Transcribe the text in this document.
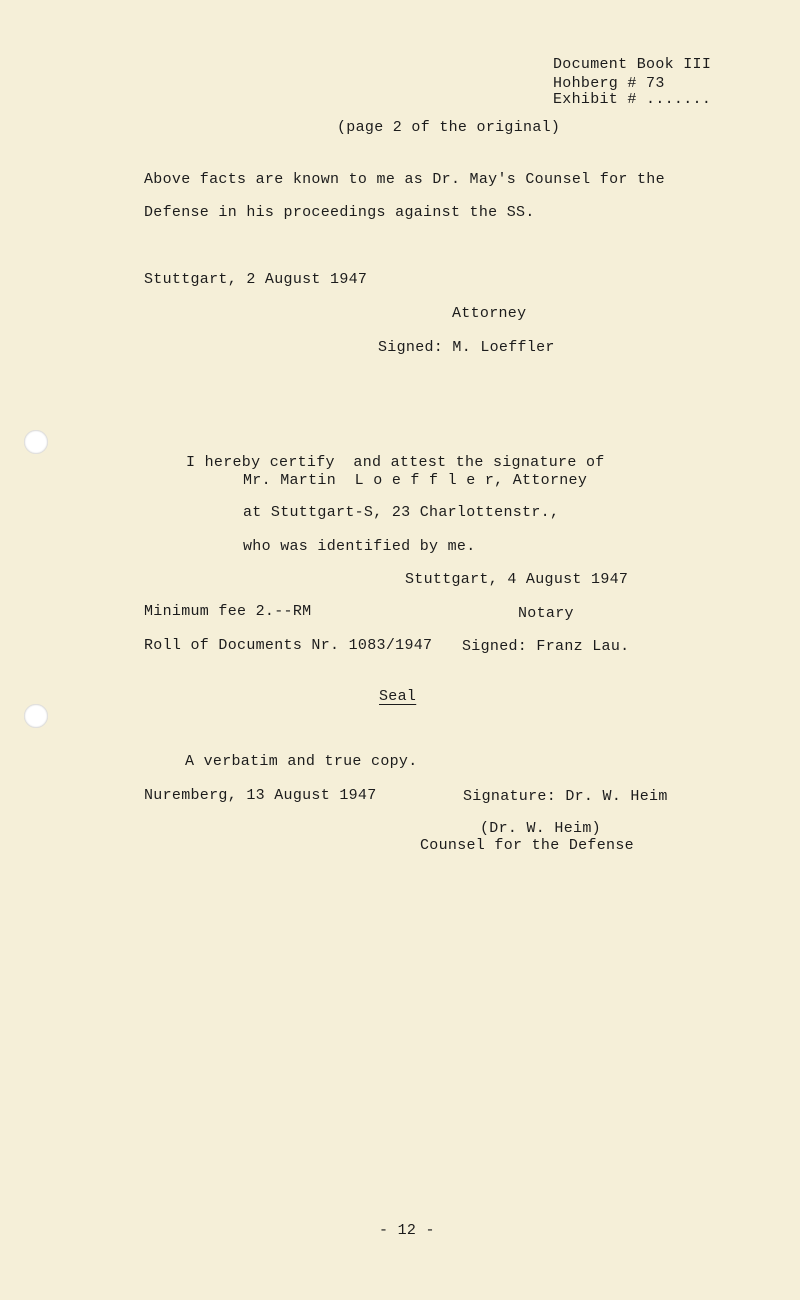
Document Book III
Hohberg # 73
Exhibit # .......
(page 2 of the original)
Above facts are known to me as Dr. May's Counsel for the
Defense in his proceedings against the SS.
Stuttgart, 2 August 1947
Attorney
Signed: M. Loeffler
I hereby certify  and attest the signature of
Mr. Martin  L o e f f l e r, Attorney
at Stuttgart-S, 23 Charlottenstr.,
who was identified by me.
Stuttgart, 4 August 1947
Minimum fee 2.--RM	Notary
Roll of Documents Nr. 1083/1947 Signed: Franz Lau.
Seal
A verbatim and true copy.
Nuremberg, 13 August 1947	Signature: Dr. W. Heim
(Dr. W. Heim)
Counsel for the Defense
- 12 -
